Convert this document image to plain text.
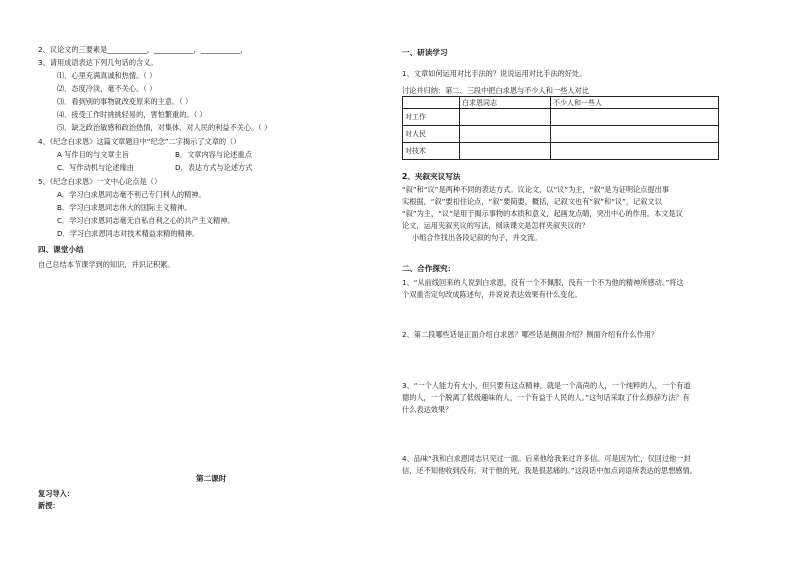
2、议论文的三要素是___________，___________，___________，
3、请用成语表达下列几句话的含义。
⑴．心里充满真诚和热情。（ ）
⑵．态度冷淡，毫不关心。（ ）
⑶．看到别的事物就改变原来的主意。（ ）
⑷．接受工作时挑挑轻易的，害怕繁重的。（ ）
⑸．缺乏政治敏感和政治热情，对集体、对人民的利益不关心。（ ）
4、《纪念白求恩》这篇文章题目中“纪念”二字揭示了文章的（）
A 写作目的与文章主旨	B．文章内容与论述重点
C．写作动机与论述缘由	D．表达方式与论述方式
5、《纪念白求恩》一文中心论点是（）
A．学习白求恩同志毫不利己专门利人的精神。
B．学习白求恩同志伟大的国际主义精神。
C．学习白求恩同志毫无自私自利之心的共产主义精神。
D．学习白求恩同志对技术精益求精的精神。
四、课堂小结
自己总结本节课学到的知识，并识记积累。
第二课时
复习导入：
新授：
一、研读学习
1、文章如何运用对比手法的？说说运用对比手法的好处。
讨论并归纳：第二、三段中把白求恩与不少人和一些人对比
	白求恩同志	不少人和一些人
对工作		
对人民		
对技术		
2、夹叙夹议写法
“叙”和“议”是两种不同的表达方式。议论文，以“议”为主，“叙”是为证明论点提出事
实根据，“叙”要扣住论点，“叙”要简要，概括，记叙文也有“叙”和“议”，记叙文以
“叙”为主，“议”是用于揭示事物的本质和意义，起画龙点睛，突出中心的作用。本文是议
论文，运用夹叙夹议的写法，阅读课文是怎样夹叙夹议的？
小组合作找出各段记叙的句子，并交流。
二、合作探究：
1、“从前线回来的人说到白求恩，没有一个不佩服，没有一个不为他的精神所感动。”将这
个双重否定句改成陈述句，并说说表达效果有什么变化。
2、第二段哪些话是正面介绍白求恩？哪些话是侧面介绍？侧面介绍有什么作用？
3、“一个人能力有大小，但只要有这点精神，就是一个高尚的人，一个纯粹的人，一个有道
德的人，一个脱离了低级趣味的人，一个有益于人民的人。”这句话采取了什么修辞方法？有
什么表达效果？
4、品味“我和白求恩同志只见过一面。后来他给我来过许多信。可是因为忙，仅回过他一封
信，还不知他收到没有。对于他的死，我是很悲痛的。”这段话中加点词语所表达的思想感情。
